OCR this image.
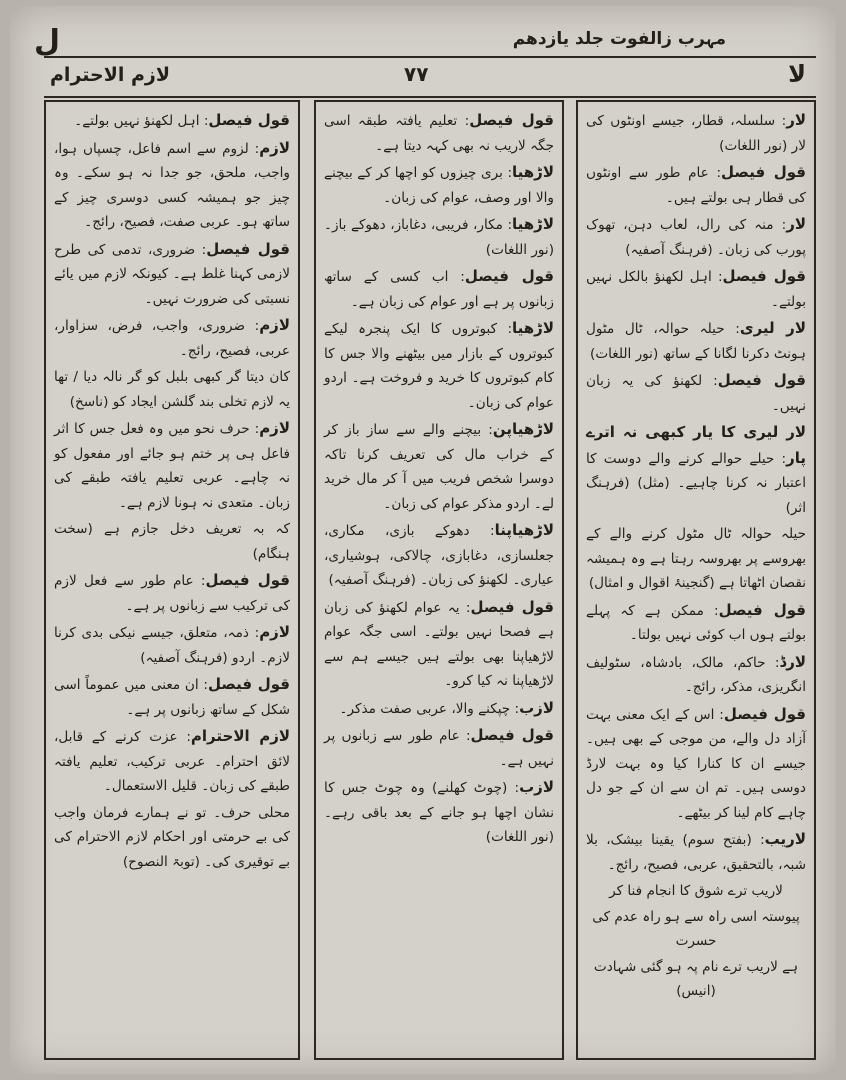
ل	مہرب زالفوت جلد یازدھم
لازم الاحترام	۷۷	لا

قول فیصل: اہل لکھنؤ نہیں بولتے۔

لازم: لزوم سے اسم فاعل، چسپاں ہوا، واجب، ملحق، جو جدا نہ ہو سکے۔ وہ چیز جو ہمیشہ کسی دوسری چیز کے ساتھ ہو۔ عربی صفت، فصیح، رائج۔

قول فیصل: ضروری، تدمی کی طرح لازمی کہنا غلط ہے۔ کیونکہ لازم میں یائے نسبتی کی ضرورت نہیں۔

لازم: ضروری، واجب، فرض، سزاوار، عربی، فصیح، رائج۔

کان دیتا گر کبھی بلبل کو گر نالہ دیا / تھا یہ لازم تخلی بند گلشن ایجاد کو (ناسخ)

لازم: حرف نحو میں وہ فعل جس کا اثر فاعل ہی پر ختم ہو جائے اور مفعول کو نہ چاہے۔ عربی تعلیم یافتہ طبقے کی زبان۔ متعدی نہ ہونا لازم ہے۔

کہ بہ تعریف دخل جازم ہے (سخت ہنگام)

قول فیصل: عام طور سے فعل لازم کی ترکیب سے زبانوں پر ہے۔

لازم: ذمہ، متعلق، جیسے نیکی بدی کرنا لازم۔ اردو (فرہنگ آصفیہ)

قول فیصل: ان معنی میں عموماً اسی شکل کے ساتھ زبانوں پر ہے۔

لازم الاحترام: عزت کرنے کے قابل، لائق احترام۔ عربی ترکیب، تعلیم یافتہ طبقے کی زبان۔ قلیل الاستعمال۔

محلی حرف۔ تو نے ہمارے فرمان واجب کی بے حرمتی اور احکام لازم الاحترام کی بے توقیری کی۔ (توبۃ النصوح)

قول فیصل: تعلیم یافتہ طبقہ اسی جگہ لاریب نہ بھی کہہ دیتا ہے۔

لاڑھیا: بری چیزوں کو اچھا کر کے بیچنے والا اور وصف، عوام کی زبان۔

لاڑھیا: مکار، فریبی، دغاباز، دھوکے باز۔ (نور اللغات)

قول فیصل: اب کسی کے ساتھ زبانوں پر ہے اور عوام کی زبان ہے۔

لاڑھیا: کبوتروں کا ایک پنجرہ لیکے کبوتروں کے بازار میں بیٹھنے والا جس کا کام کبوتروں کا خرید و فروخت ہے۔ اردو عوام کی زبان۔

لاڑھیاپن: بیچنے والے سے ساز باز کر کے خراب مال کی تعریف کرنا تاکہ دوسرا شخص فریب میں آ کر مال خرید لے۔ اردو مذکر عوام کی زبان۔

لاڑھیاپنا: دھوکے بازی، مکاری، جعلسازی، دغابازی، چالاکی، ہوشیاری، عیاری۔ لکھنؤ کی زبان۔ (فرہنگ آصفیہ)

قول فیصل: یہ عوام لکھنؤ کی زبان ہے فصحا نہیں بولتے۔ اسی جگہ عوام لاڑھیاپنا بھی بولتے ہیں جیسے ہم سے لاڑھیاپنا نہ کیا کرو۔

لازب: چپکنے والا، عربی صفت مذکر۔

قول فیصل: عام طور سے زبانوں پر نہیں ہے۔

لازب: (چوٹ کھلنے) وہ چوٹ جس کا نشان اچھا ہو جانے کے بعد باقی رہے۔ (نور اللغات)

لار: سلسلہ، قطار، جیسے اونٹوں کی لار (نور اللغات)

قول فیصل: عام طور سے اونٹوں کی قطار ہی بولتے ہیں۔

لار: منہ کی رال، لعاب دہن، تھوک پورب کی زبان۔ (فرہنگ آصفیہ)

قول فیصل: اہل لکھنؤ بالکل نہیں بولتے۔

لار لیری: حیلہ حوالہ، ٹال مٹول ہونٹ دکرنا لگانا کے ساتھ (نور اللغات)

قول فیصل: لکھنؤ کی یہ زبان نہیں۔

لار لیری کا یار کبھی نہ اترے پار: حیلے حوالے کرنے والے دوست کا اعتبار نہ کرنا چاہیے۔ (مثل) (فرہنگ اثر)

حیلہ حوالہ ٹال مٹول کرنے والے کے بھروسے پر بھروسہ رہتا ہے وہ ہمیشہ نقصان اٹھاتا ہے (گنجینۂ اقوال و امثال)

قول فیصل: ممکن ہے کہ پہلے بولتے ہوں اب کوئی نہیں بولتا۔

لارڈ: حاکم، مالک، بادشاہ، سٹولیف انگریزی، مذکر، رائج۔

قول فیصل: اس کے ایک معنی بہت آزاد دل والے، من موجی کے بھی ہیں۔ جیسے ان کا کنارا کیا وہ بہت لارڈ دوسی ہیں۔ تم ان سے ان کے جو دل چاہے کام لینا کر بیٹھے۔

لاریب: (بفتح سوم) یقینا بیشک، بلا شبہ، بالتحقیق، عربی، فصیح، رائج۔

لاریب ترے شوق کا انجام فنا کر
پیوستہ اسی راہ سے ہو راہ عدم کی حسرت
ہے لاریب ترے نام پہ ہو گئی شہادت (انیس)
